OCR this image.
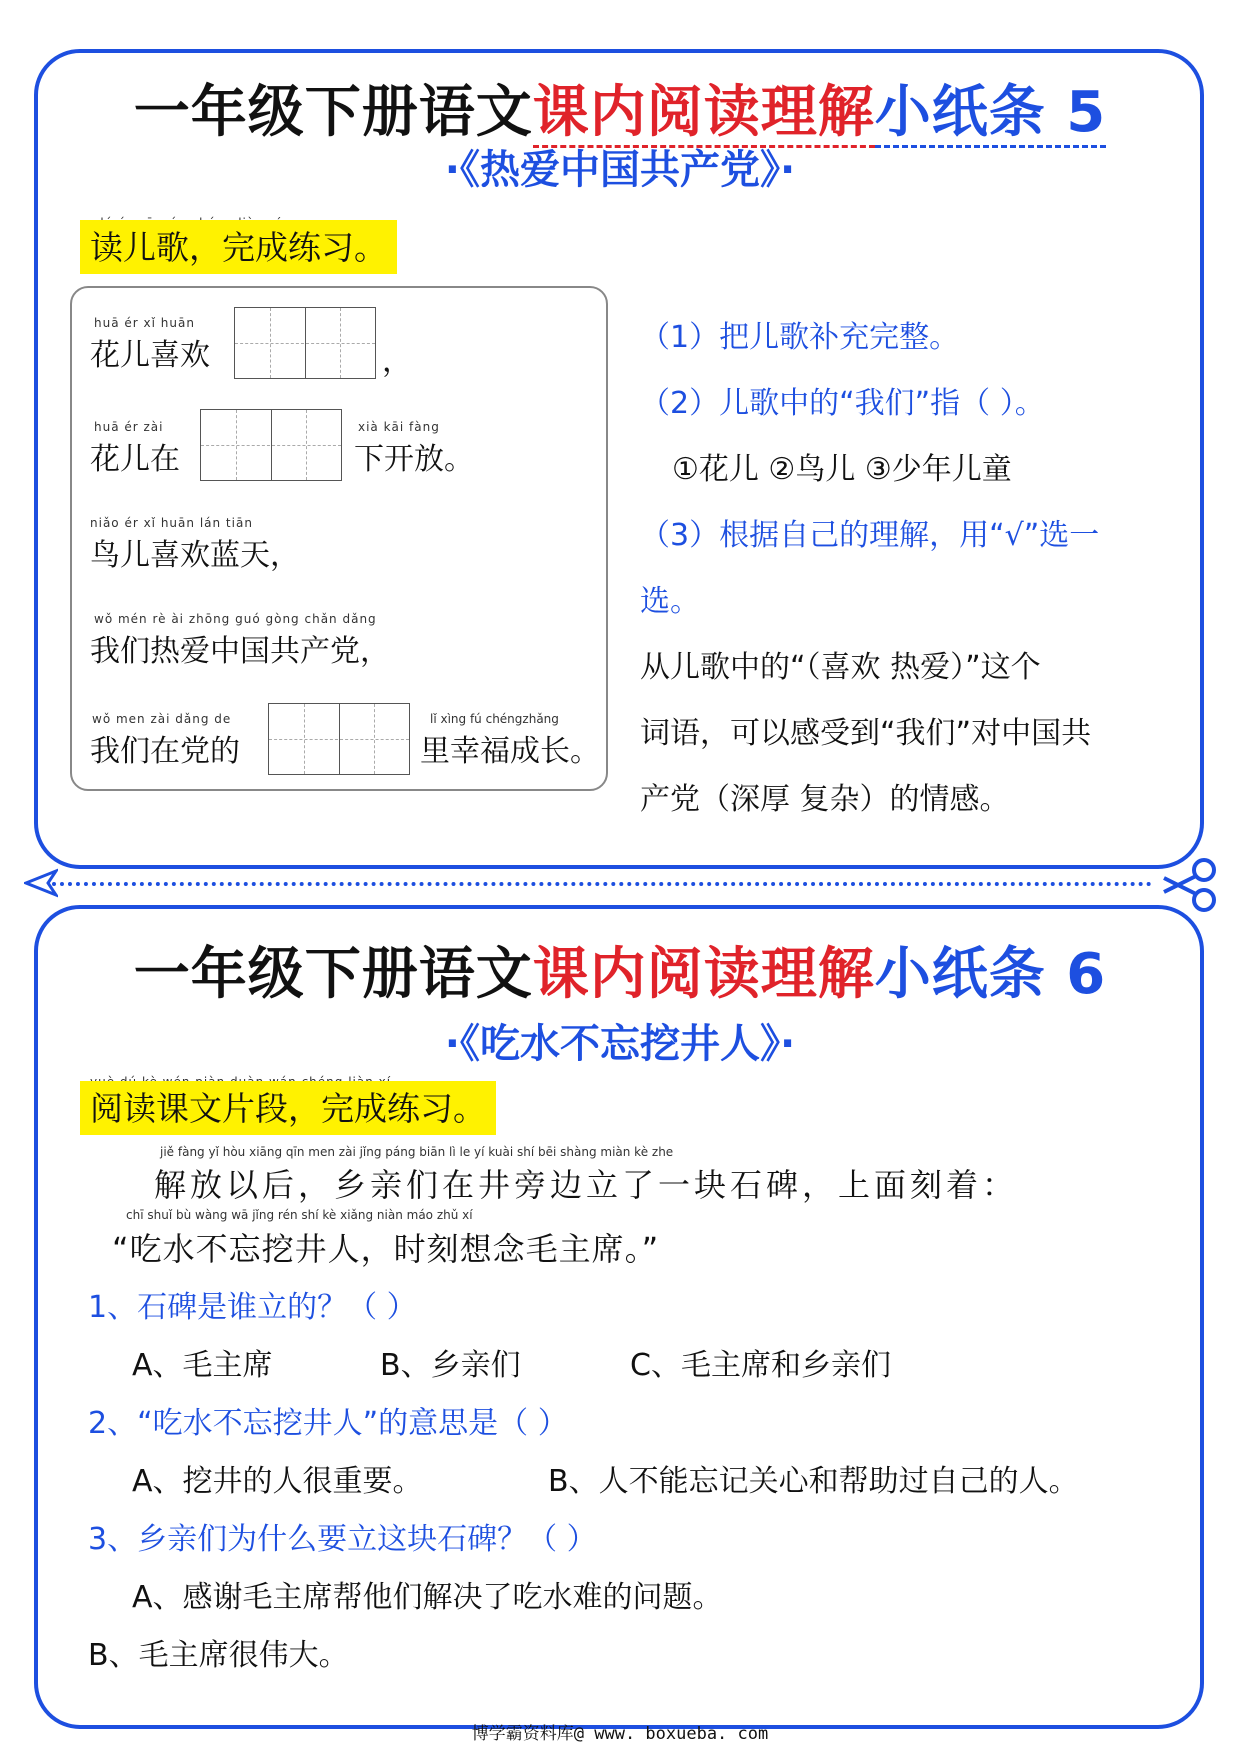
一年级下册语文课内阅读理解小纸条 5
·《热爱中国共产党》·
读儿歌，完成练习。
huā ér xǐ huān
花儿喜欢	，
huā ér zài
花儿在
xià kāi fàng
下开放。
niǎo ér xǐ huān lán tiān
鸟儿喜欢蓝天，
wǒ mén rè ài zhōng guó gòng chǎn dǎng
我们热爱中国共产党，
wǒ men zài dǎng de
我们在党的
lǐ xìng fú chéngzhǎng
里幸福成长。
（1）把儿歌补充完整。
（2）儿歌中的“我们”指（ ）。
①花儿 ②鸟儿 ③少年儿童
（3）根据自己的理解，用“√”选一
选。
从儿歌中的“（喜欢 热爱）”这个
词语，可以感受到“我们”对中国共
产党（深厚 复杂）的情感。
一年级下册语文课内阅读理解小纸条 6
·《吃水不忘挖井人》·
阅读课文片段，完成练习。
jiě fàng yǐ hòu xiāng qīn men zài jǐng páng biān lì le yí kuài shí bēi shàng miàn kè zhe
解放以后，乡亲们在井旁边立了一块石碑，上面刻着：
chī shuǐ bù wàng wā jǐng rén shí kè xiǎng niàn máo zhǔ xí
“吃水不忘挖井人，时刻想念毛主席。”
1、石碑是谁立的？（ ）
A、毛主席	B、乡亲们	C、毛主席和乡亲们
2、“吃水不忘挖井人”的意思是（ ）
A、挖井的人很重要。	B、人不能忘记关心和帮助过自己的人。
3、乡亲们为什么要立这块石碑？（ ）
A、感谢毛主席帮他们解决了吃水难的问题。
B、毛主席很伟大。
博学霸资料库@ www. boxueba. com
